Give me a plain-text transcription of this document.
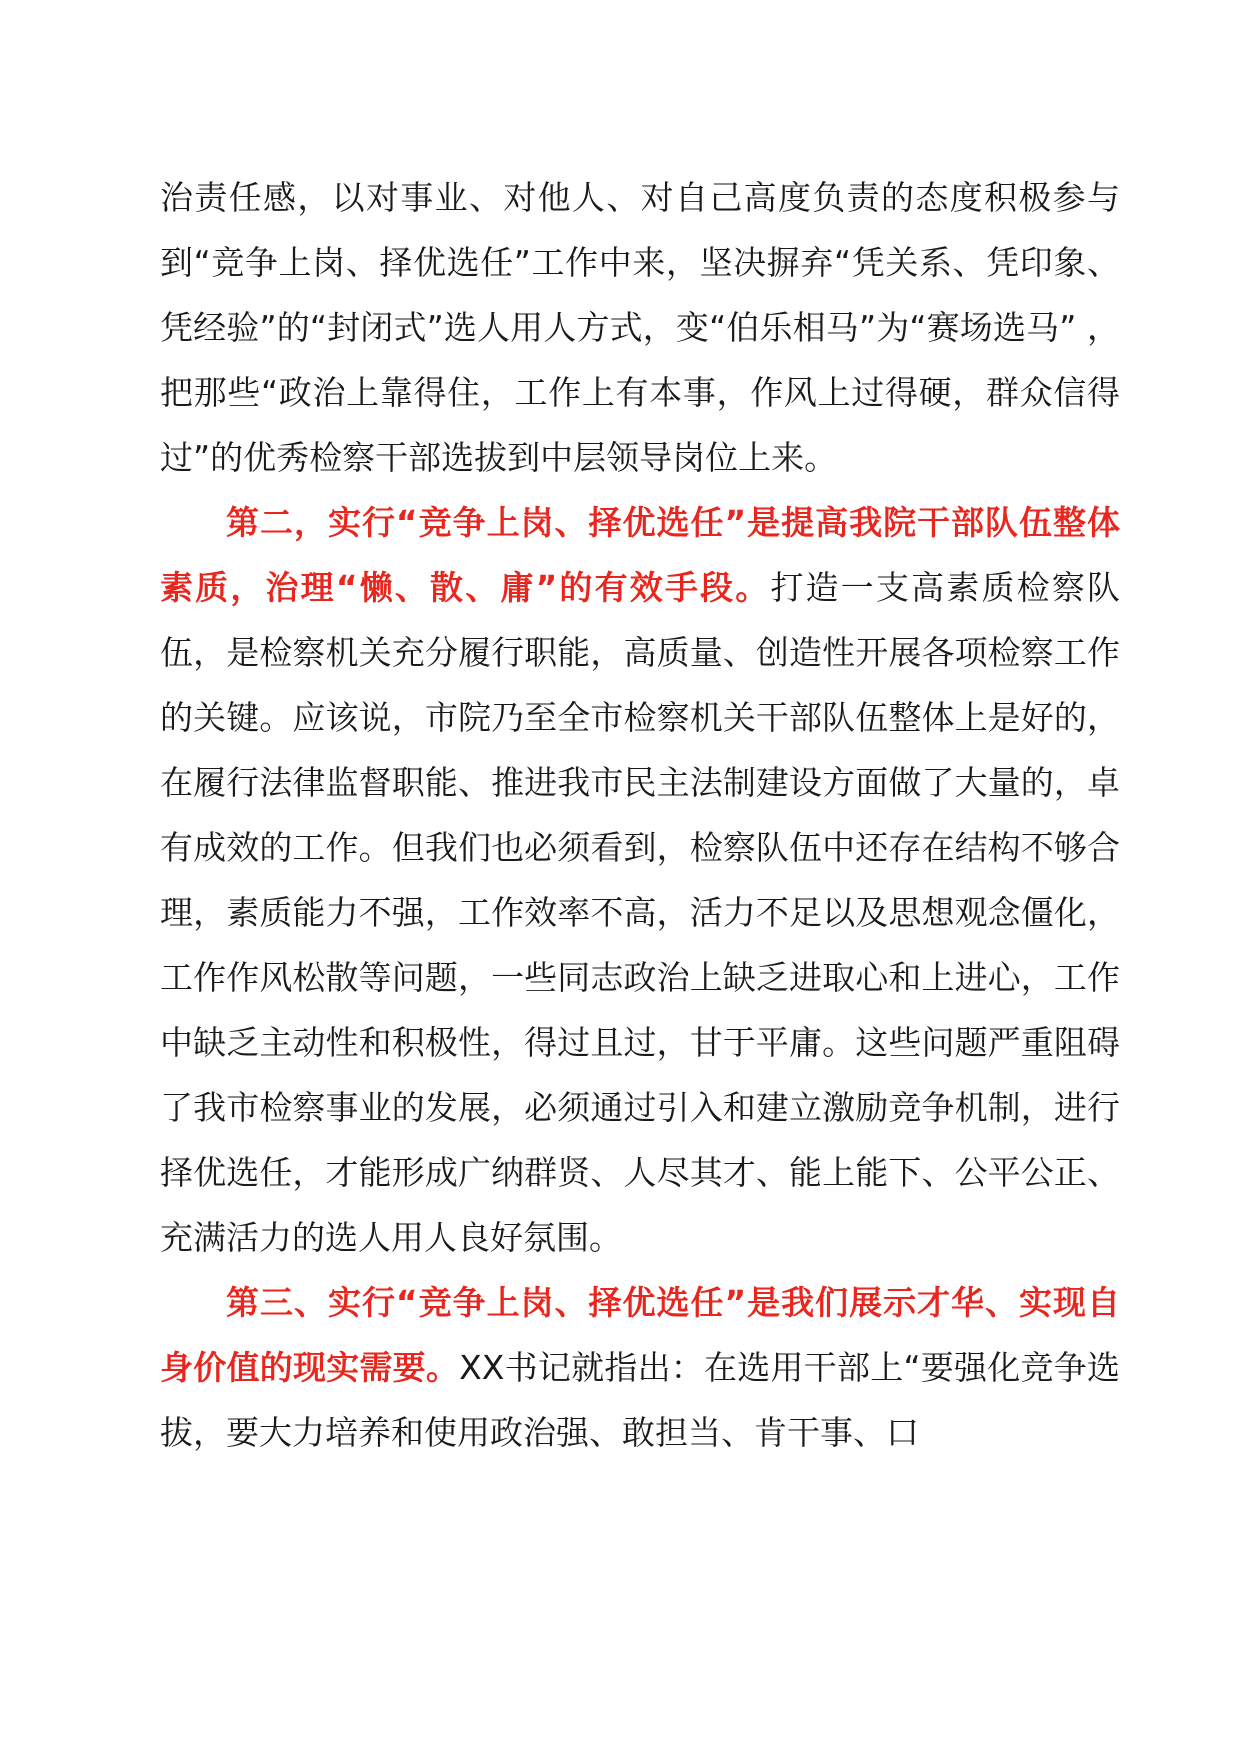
治责任感，以对事业、对他人、对自己高度负责的态度积极参与到“竞争上岗、择优选任”工作中来，坚决摒弃“凭关系、凭印象、凭经验”的“封闭式”选人用人方式，变“伯乐相马”为“赛场选马” ，把那些“政治上靠得住，工作上有本事，作风上过得硬，群众信得过”的优秀检察干部选拔到中层领导岗位上来。

第二，实行“竞争上岗、择优选任”是提高我院干部队伍整体素质，治理“懒、散、庸”的有效手段。打造一支高素质检察队伍，是检察机关充分履行职能，高质量、创造性开展各项检察工作的关键。应该说，市院乃至全市检察机关干部队伍整体上是好的，在履行法律监督职能、推进我市民主法制建设方面做了大量的，卓有成效的工作。但我们也必须看到，检察队伍中还存在结构不够合理，素质能力不强，工作效率不高，活力不足以及思想观念僵化，工作作风松散等问题，一些同志政治上缺乏进取心和上进心，工作中缺乏主动性和积极性，得过且过，甘于平庸。这些问题严重阻碍了我市检察事业的发展，必须通过引入和建立激励竞争机制，进行择优选任，才能形成广纳群贤、人尽其才、能上能下、公平公正、充满活力的选人用人良好氛围。

第三、实行“竞争上岗、择优选任”是我们展示才华、实现自身价值的现实需要。XX书记就指出：在选用干部上“要强化竞争选拔，要大力培养和使用政治强、敢担当、肯干事、口
